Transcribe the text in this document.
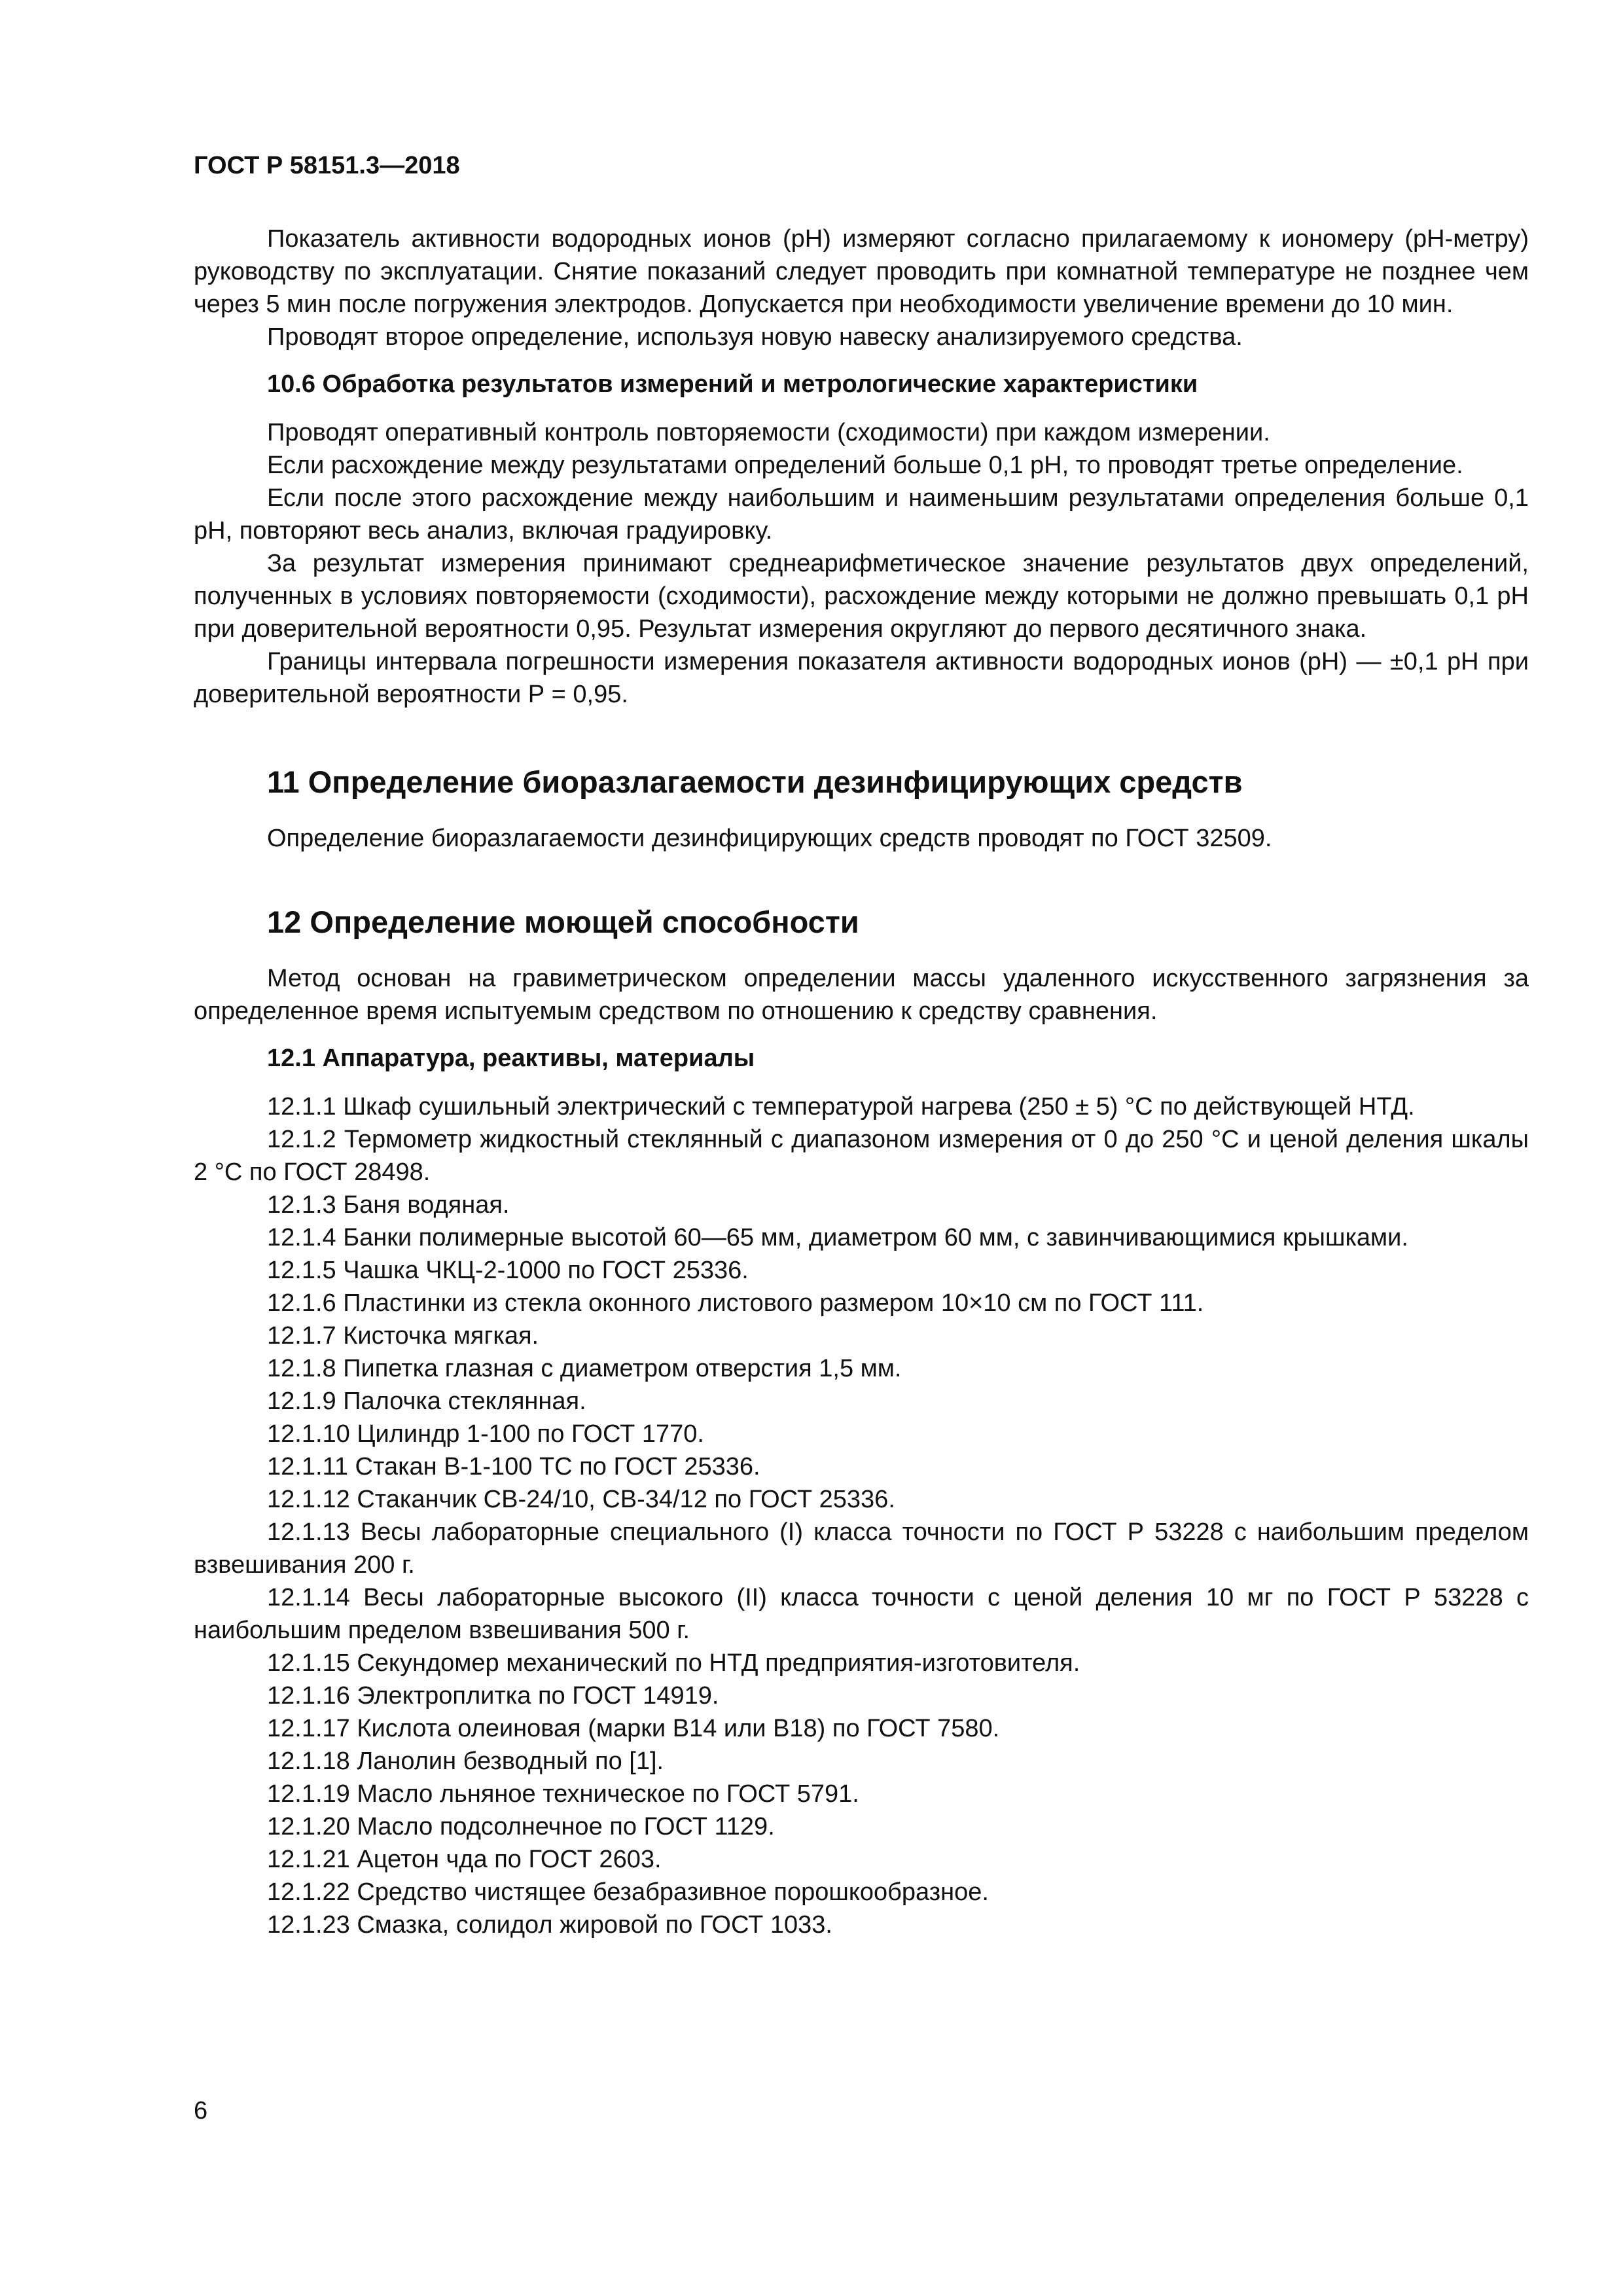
ГОСТ Р 58151.3—2018

Показатель активности водородных ионов (pH) измеряют согласно прилагаемому к иономеру (pH-метру) руководству по эксплуатации. Снятие показаний следует проводить при комнатной температуре не позднее чем через 5 мин после погружения электродов. Допускается при необходимости увеличение времени до 10 мин.

Проводят второе определение, используя новую навеску анализируемого средства.

10.6 Обработка результатов измерений и метрологические характеристики

Проводят оперативный контроль повторяемости (сходимости) при каждом измерении.

Если расхождение между результатами определений больше 0,1 pH, то проводят третье определение.

Если после этого расхождение между наибольшим и наименьшим результатами определения больше 0,1 pH, повторяют весь анализ, включая градуировку.

За результат измерения принимают среднеарифметическое значение результатов двух определений, полученных в условиях повторяемости (сходимости), расхождение между которыми не должно превышать 0,1 pH при доверительной вероятности 0,95. Результат измерения округляют до первого десятичного знака.

Границы интервала погрешности измерения показателя активности водородных ионов (pH) — ±0,1 pH при доверительной вероятности Р = 0,95.

11 Определение биоразлагаемости дезинфицирующих средств

Определение биоразлагаемости дезинфицирующих средств проводят по ГОСТ 32509.

12 Определение моющей способности

Метод основан на гравиметрическом определении массы удаленного искусственного загрязнения за определенное время испытуемым средством по отношению к средству сравнения.

12.1 Аппаратура, реактивы, материалы

12.1.1 Шкаф сушильный электрический с температурой нагрева (250 ± 5) °С по действующей НТД.

12.1.2 Термометр жидкостный стеклянный с диапазоном измерения от 0 до 250 °С и ценой деления шкалы 2 °С по ГОСТ 28498.

12.1.3 Баня водяная.

12.1.4 Банки полимерные высотой 60—65 мм, диаметром 60 мм, с завинчивающимися крышками.

12.1.5 Чашка ЧКЦ-2-1000 по ГОСТ 25336.

12.1.6 Пластинки из стекла оконного листового размером 10×10 см по ГОСТ 111.

12.1.7 Кисточка мягкая.

12.1.8 Пипетка глазная с диаметром отверстия 1,5 мм.

12.1.9 Палочка стеклянная.

12.1.10 Цилиндр 1-100 по ГОСТ 1770.

12.1.11 Стакан В-1-100 ТС по ГОСТ 25336.

12.1.12 Стаканчик СВ-24/10, СВ-34/12 по ГОСТ 25336.

12.1.13 Весы лабораторные специального (I) класса точности по ГОСТ Р 53228 с наибольшим пределом взвешивания 200 г.

12.1.14 Весы лабораторные высокого (II) класса точности с ценой деления 10 мг по ГОСТ Р 53228 с наибольшим пределом взвешивания 500 г.

12.1.15 Секундомер механический по НТД предприятия-изготовителя.

12.1.16 Электроплитка по ГОСТ 14919.

12.1.17 Кислота олеиновая (марки В14 или В18) по ГОСТ 7580.

12.1.18 Ланолин безводный по [1].

12.1.19 Масло льняное техническое по ГОСТ 5791.

12.1.20 Масло подсолнечное по ГОСТ 1129.

12.1.21 Ацетон чда по ГОСТ 2603.

12.1.22 Средство чистящее безабразивное порошкообразное.

12.1.23 Смазка, солидол жировой по ГОСТ 1033.

6
